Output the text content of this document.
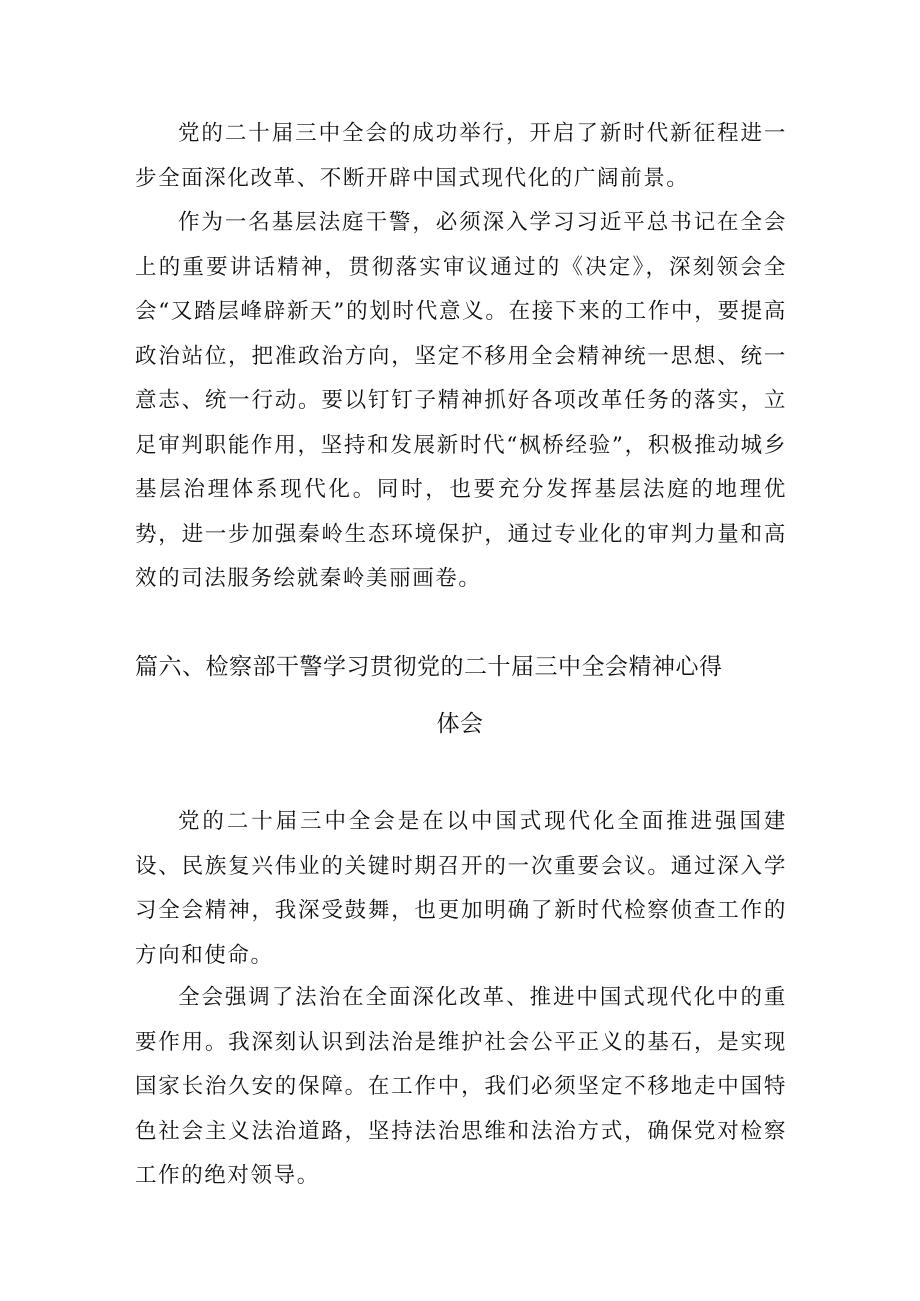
党的二十届三中全会的成功举行，开启了新时代新征程进一步全面深化改革、不断开辟中国式现代化的广阔前景。

作为一名基层法庭干警，必须深入学习习近平总书记在全会上的重要讲话精神，贯彻落实审议通过的《决定》，深刻领会全会“又踏层峰辟新天”的划时代意义。在接下来的工作中，要提高政治站位，把准政治方向，坚定不移用全会精神统一思想、统一意志、统一行动。要以钉钉子精神抓好各项改革任务的落实，立足审判职能作用，坚持和发展新时代“枫桥经验”，积极推动城乡基层治理体系现代化。同时，也要充分发挥基层法庭的地理优势，进一步加强秦岭生态环境保护，通过专业化的审判力量和高效的司法服务绘就秦岭美丽画卷。

篇六、检察部干警学习贯彻党的二十届三中全会精神心得
体会

党的二十届三中全会是在以中国式现代化全面推进强国建设、民族复兴伟业的关键时期召开的一次重要会议。通过深入学习全会精神，我深受鼓舞，也更加明确了新时代检察侦查工作的方向和使命。

全会强调了法治在全面深化改革、推进中国式现代化中的重要作用。我深刻认识到法治是维护社会公平正义的基石，是实现国家长治久安的保障。在工作中，我们必须坚定不移地走中国特色社会主义法治道路，坚持法治思维和法治方式，确保党对检察工作的绝对领导。
